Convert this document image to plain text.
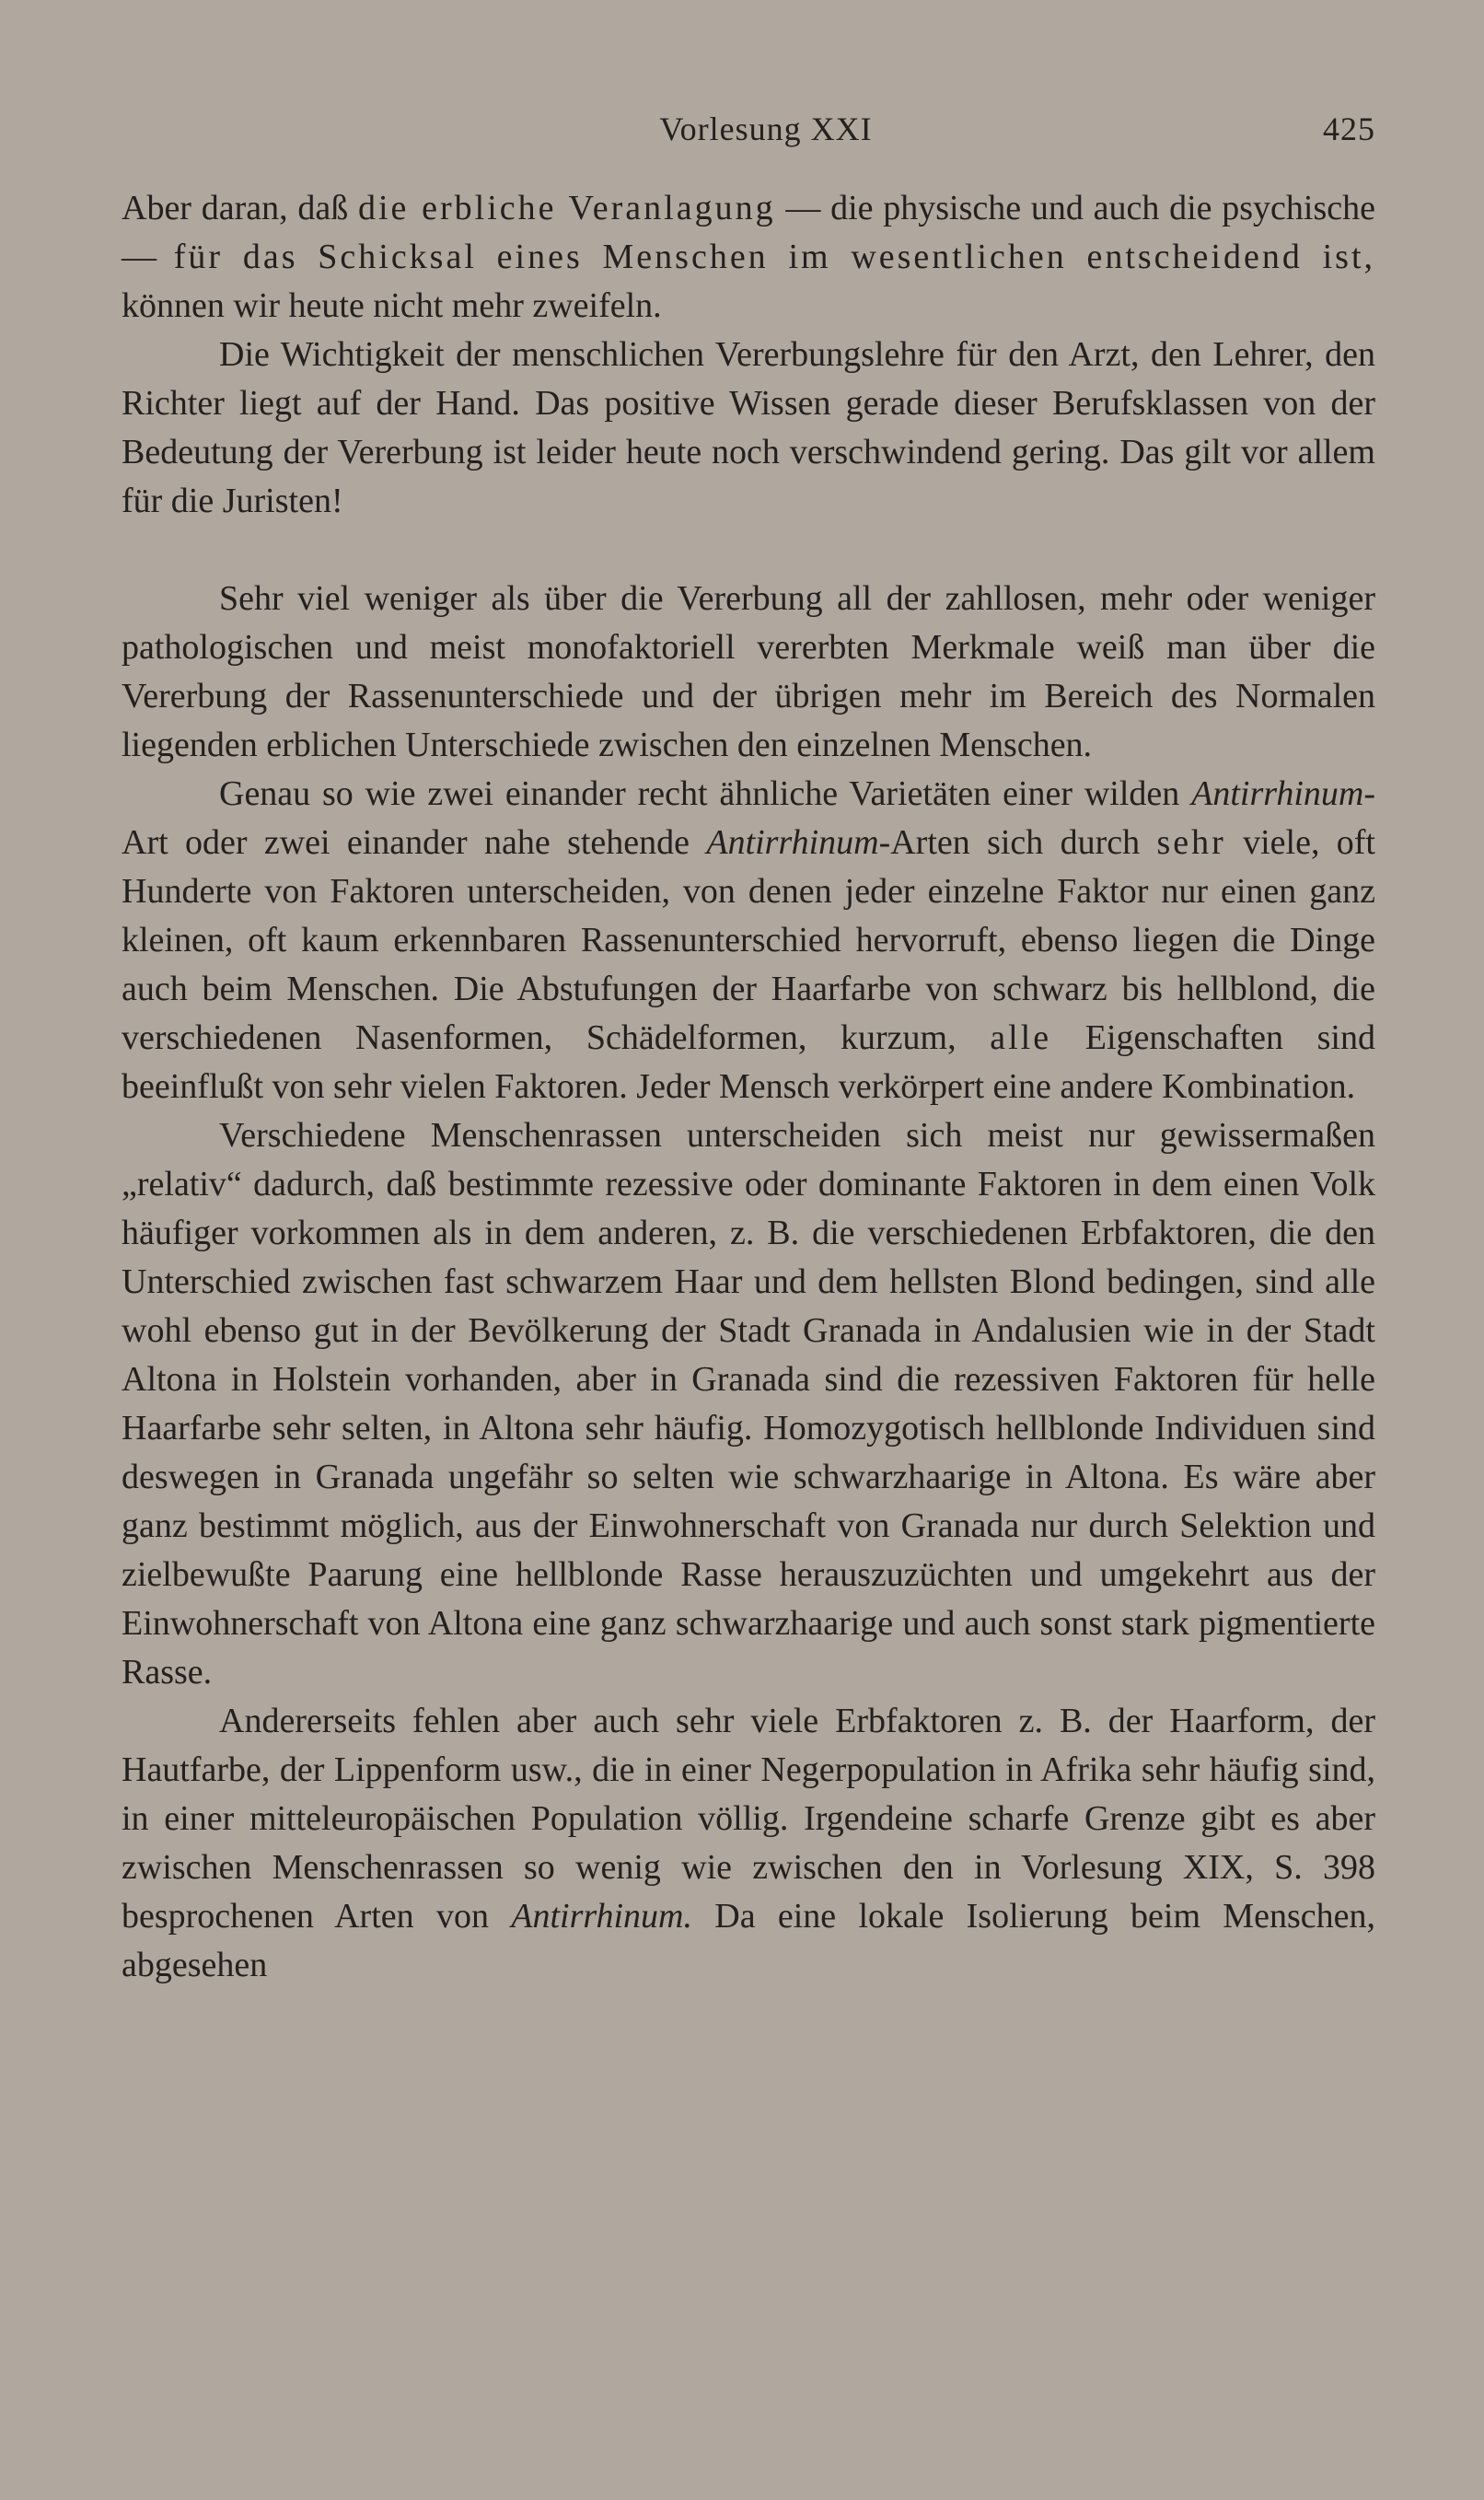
Vorlesung XXI	425

Aber daran, daß die erbliche Veranlagung — die physische und auch die psychische — für das Schicksal eines Menschen im wesentlichen entscheidend ist, können wir heute nicht mehr zweifeln.

Die Wichtigkeit der menschlichen Vererbungslehre für den Arzt, den Lehrer, den Richter liegt auf der Hand. Das positive Wissen gerade dieser Berufsklassen von der Bedeutung der Vererbung ist leider heute noch verschwindend gering. Das gilt vor allem für die Juristen!

Sehr viel weniger als über die Vererbung all der zahllosen, mehr oder weniger pathologischen und meist monofaktoriell vererbten Merkmale weiß man über die Vererbung der Rassenunterschiede und der übrigen mehr im Bereich des Normalen liegenden erblichen Unterschiede zwischen den einzelnen Menschen.

Genau so wie zwei einander recht ähnliche Varietäten einer wilden Antirrhinum-Art oder zwei einander nahe stehende Antirrhinum-Arten sich durch sehr viele, oft Hunderte von Faktoren unterscheiden, von denen jeder einzelne Faktor nur einen ganz kleinen, oft kaum erkennbaren Rassenunterschied hervorruft, ebenso liegen die Dinge auch beim Menschen. Die Abstufungen der Haarfarbe von schwarz bis hellblond, die verschiedenen Nasenformen, Schädelformen, kurzum, alle Eigenschaften sind beeinflußt von sehr vielen Faktoren. Jeder Mensch verkörpert eine andere Kombination.

Verschiedene Menschenrassen unterscheiden sich meist nur gewissermaßen „relativ“ dadurch, daß bestimmte rezessive oder dominante Faktoren in dem einen Volk häufiger vorkommen als in dem anderen, z. B. die verschiedenen Erbfaktoren, die den Unterschied zwischen fast schwarzem Haar und dem hellsten Blond bedingen, sind alle wohl ebenso gut in der Bevölkerung der Stadt Granada in Andalusien wie in der Stadt Altona in Holstein vorhanden, aber in Granada sind die rezessiven Faktoren für helle Haarfarbe sehr selten, in Altona sehr häufig. Homozygotisch hellblonde Individuen sind deswegen in Granada ungefähr so selten wie schwarzhaarige in Altona. Es wäre aber ganz bestimmt möglich, aus der Einwohnerschaft von Granada nur durch Selektion und zielbewußte Paarung eine hellblonde Rasse herauszuzüchten und umgekehrt aus der Einwohnerschaft von Altona eine ganz schwarzhaarige und auch sonst stark pigmentierte Rasse.

Andererseits fehlen aber auch sehr viele Erbfaktoren z. B. der Haarform, der Hautfarbe, der Lippenform usw., die in einer Negerpopulation in Afrika sehr häufig sind, in einer mitteleuropäischen Population völlig. Irgendeine scharfe Grenze gibt es aber zwischen Menschenrassen so wenig wie zwischen den in Vorlesung XIX, S. 398 besprochenen Arten von Antirrhinum. Da eine lokale Isolierung beim Menschen, abgesehen
